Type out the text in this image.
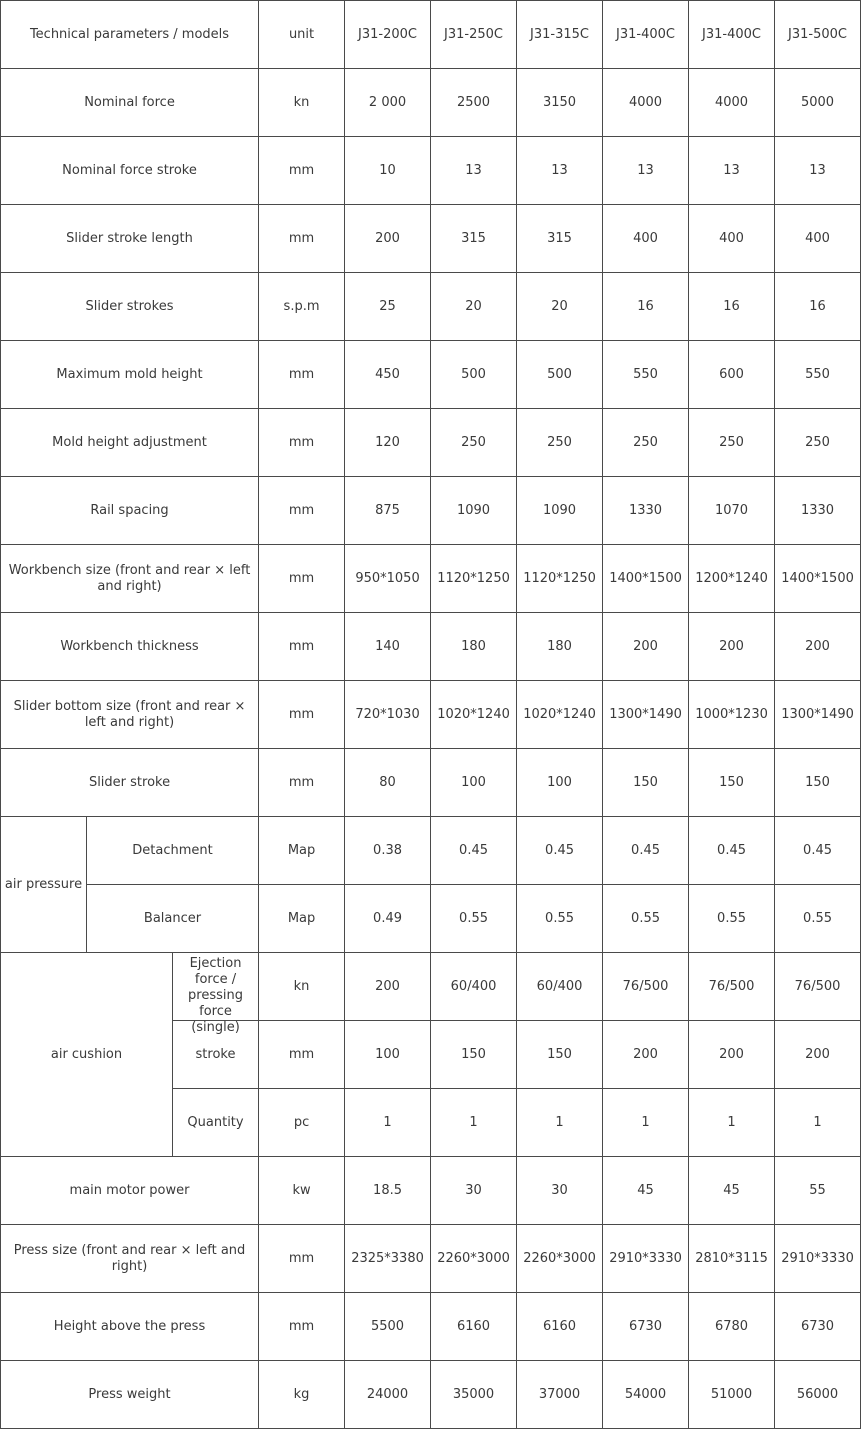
Technical parameters / models			unit	J31-200C	J31-250C	J31-315C	J31-400C	J31-400C	J31-500C
Nominal force			kn	2 000	2500	3150	4000	4000	5000
Nominal force stroke			mm	10	13	13	13	13	13
Slider stroke length			mm	200	315	315	400	400	400
Slider strokes			s.p.m	25	20	20	16	16	16
Maximum mold height			mm	450	500	500	550	600	550
Mold height adjustment			mm	120	250	250	250	250	250
Rail spacing			mm	875	1090	1090	1330	1070	1330
Workbench size (front and rear × left and right)			mm	950*1050	1120*1250	1120*1250	1400*1500	1200*1240	1400*1500
Workbench thickness			mm	140	180	180	200	200	200
Slider bottom size (front and rear × left and right)			mm	720*1030	1020*1240	1020*1240	1300*1490	1000*1230	1300*1490
Slider stroke			mm	80	100	100	150	150	150
air pressure	Detachment		Map	0.38	0.45	0.45	0.45	0.45	0.45
	Balancer		Map	0.49	0.55	0.55	0.55	0.55	0.55
air cushion		Ejection force / pressing force (single)	kn	200	60/400	60/400	76/500	76/500	76/500

		stroke	mm	100	150	150	200	200	200

		Quantity	pc	1	1	1	1	1	1
main motor power			kw	18.5	30	30	45	45	55
Press size (front and rear × left and right)			mm	2325*3380	2260*3000	2260*3000	2910*3330	2810*3115	2910*3330
Height above the press			mm	5500	6160	6160	6730	6780	6730
Press weight			kg	24000	35000	37000	54000	51000	56000
